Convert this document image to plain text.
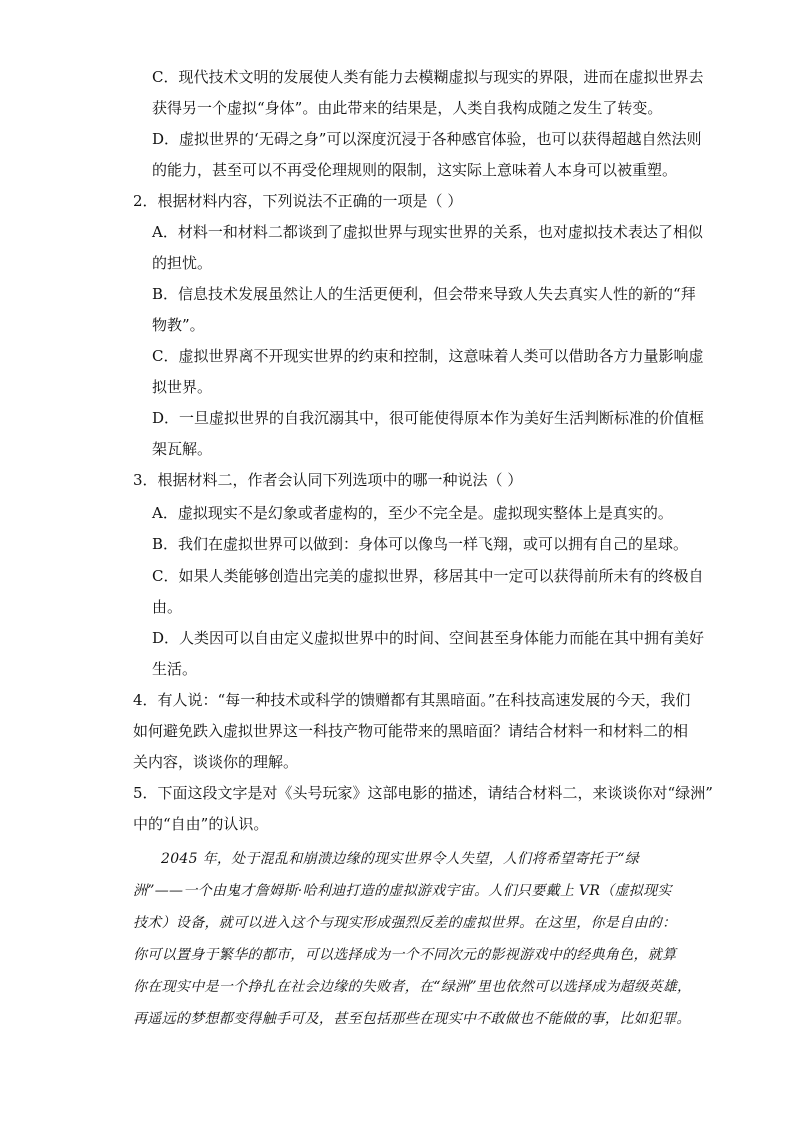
C．现代技术文明的发展使人类有能力去模糊虚拟与现实的界限，进而在虚拟世界去
获得另一个虚拟“身体”。由此带来的结果是，人类自我构成随之发生了转变。
D．虚拟世界的‘无碍之身”可以深度沉浸于各种感官体验，也可以获得超越自然法则
的能力，甚至可以不再受伦理规则的限制，这实际上意味着人本身可以被重塑。
2．根据材料内容，下列说法不正确的一项是（ ）
A．材料一和材料二都谈到了虚拟世界与现实世界的关系，也对虚拟技术表达了相似
的担忧。
B．信息技术发展虽然让人的生活更便利，但会带来导致人失去真实人性的新的“拜
物教”。
C．虚拟世界离不开现实世界的约束和控制，这意味着人类可以借助各方力量影响虚
拟世界。
D．一旦虚拟世界的自我沉溺其中，很可能使得原本作为美好生活判断标准的价值框
架瓦解。
3．根据材料二，作者会认同下列选项中的哪一种说法（ ）
A．虚拟现实不是幻象或者虚构的，至少不完全是。虚拟现实整体上是真实的。
B．我们在虚拟世界可以做到：身体可以像鸟一样飞翔，或可以拥有自己的星球。
C．如果人类能够创造出完美的虚拟世界，移居其中一定可以获得前所未有的终极自
由。
D．人类因可以自由定义虚拟世界中的时间、空间甚至身体能力而能在其中拥有美好
生活。
4．有人说：“每一种技术或科学的馈赠都有其黑暗面。”在科技高速发展的今天，我们
如何避免跌入虚拟世界这一科技产物可能带来的黑暗面？请结合材料一和材料二的相
关内容，谈谈你的理解。
5．下面这段文字是对《头号玩家》这部电影的描述，请结合材料二，来谈谈你对“绿洲”
中的“自由”的认识。
2045 年，处于混乱和崩溃边缘的现实世界令人失望，人们将希望寄托于“绿
洲”——一个由鬼才詹姆斯·哈利迪打造的虚拟游戏宇宙。人们只要戴上 VR（虚拟现实
技术）设备，就可以进入这个与现实形成强烈反差的虚拟世界。在这里，你是自由的：
你可以置身于繁华的都市，可以选择成为一个不同次元的影视游戏中的经典角色，就算
你在现实中是一个挣扎在社会边缘的失败者，在“绿洲”里也依然可以选择成为超级英雄，
再遥远的梦想都变得触手可及，甚至包括那些在现实中不敢做也不能做的事，比如犯罪。
